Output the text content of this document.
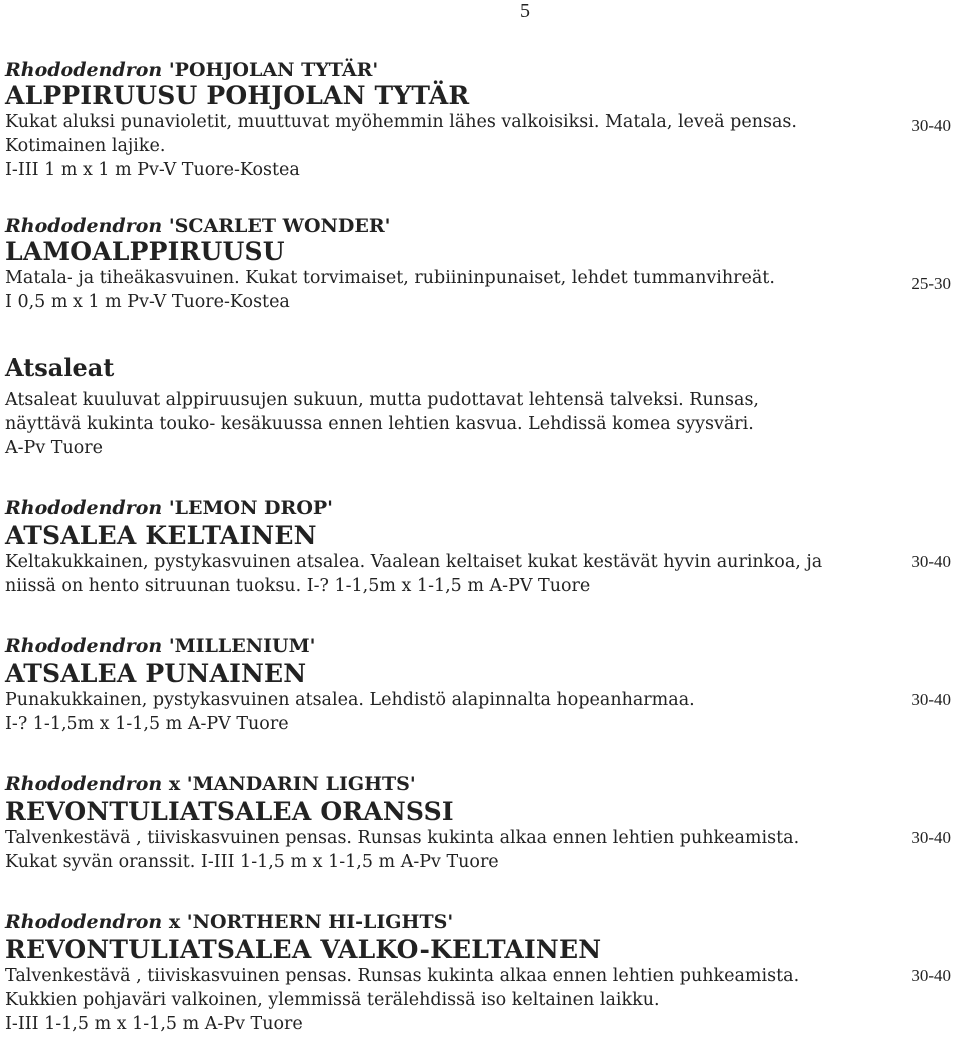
5
Rhododendron 'POHJOLAN TYTÄR'
ALPPIRUUSU POHJOLAN TYTÄR
Kukat aluksi punavioletit, muuttuvat myöhemmin lähes valkoisiksi. Matala, leveä pensas.
Kotimainen lajike.
I-III 1 m x 1 m Pv-V Tuore-Kostea
30-40
Rhododendron 'SCARLET WONDER'
LAMOALPPIRUUSU
Matala- ja tiheäkasvuinen. Kukat torvimaiset, rubiininpunaiset, lehdet tummanvihreät.
I 0,5 m x 1 m Pv-V Tuore-Kostea
25-30
Atsaleat
Atsaleat kuuluvat alppiruusujen sukuun, mutta pudottavat lehtensä talveksi. Runsas,
näyttävä kukinta touko- kesäkuussa ennen lehtien kasvua. Lehdissä komea syysväri.
A-Pv Tuore
Rhododendron 'LEMON DROP'
ATSALEA KELTAINEN
Keltakukkainen, pystykasvuinen atsalea. Vaalean keltaiset kukat kestävät hyvin aurinkoa, ja
niissä on hento sitruunan tuoksu. I-? 1-1,5m x 1-1,5 m A-PV Tuore
30-40
Rhododendron 'MILLENIUM'
ATSALEA PUNAINEN
Punakukkainen, pystykasvuinen atsalea. Lehdistö alapinnalta hopeanharmaa.
I-? 1-1,5m x 1-1,5 m A-PV Tuore
30-40
Rhododendron x 'MANDARIN LIGHTS'
REVONTULIATSALEA ORANSSI
Talvenkestävä , tiiviskasvuinen pensas. Runsas kukinta alkaa ennen lehtien puhkeamista.
Kukat syvän oranssit. I-III 1-1,5 m x 1-1,5 m A-Pv Tuore
30-40
Rhododendron x 'NORTHERN HI-LIGHTS'
REVONTULIATSALEA VALKO-KELTAINEN
Talvenkestävä , tiiviskasvuinen pensas. Runsas kukinta alkaa ennen lehtien puhkeamista.
Kukkien pohjaväri valkoinen, ylemmissä terälehdissä iso keltainen laikku.
I-III 1-1,5 m x 1-1,5 m A-Pv Tuore
30-40
